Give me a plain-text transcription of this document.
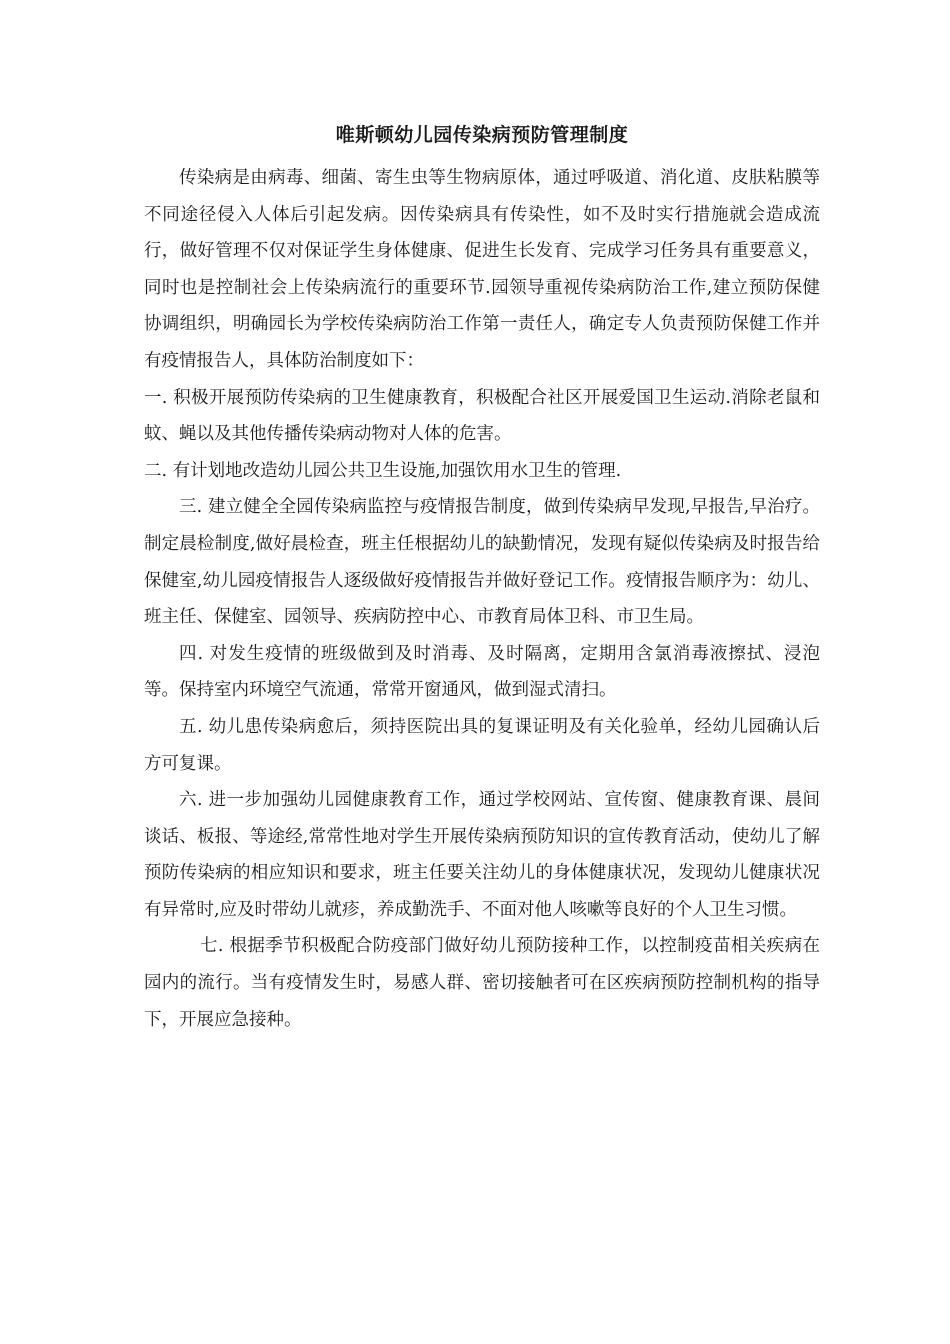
唯斯顿幼儿园传染病预防管理制度

传染病是由病毒、细菌、寄生虫等生物病原体，通过呼吸道、消化道、皮肤粘膜等不同途径侵入人体后引起发病。因传染病具有传染性，如不及时实行措施就会造成流行，做好管理不仅对保证学生身体健康、促进生长发育、完成学习任务具有重要意义，同时也是控制社会上传染病流行的重要环节.园领导重视传染病防治工作,建立预防保健协调组织，明确园长为学校传染病防治工作第一责任人，确定专人负责预防保健工作并有疫情报告人，具体防治制度如下：

一. 积极开展预防传染病的卫生健康教育，积极配合社区开展爱国卫生运动.消除老鼠和蚊、蝇以及其他传播传染病动物对人体的危害。

二. 有计划地改造幼儿园公共卫生设施,加强饮用水卫生的管理.

三. 建立健全全园传染病监控与疫情报告制度，做到传染病早发现,早报告,早治疗。制定晨检制度,做好晨检查，班主任根据幼儿的缺勤情况，发现有疑似传染病及时报告给保健室,幼儿园疫情报告人逐级做好疫情报告并做好登记工作。疫情报告顺序为：幼儿、班主任、保健室、园领导、疾病防控中心、市教育局体卫科、市卫生局。

四. 对发生疫情的班级做到及时消毒、及时隔离，定期用含氯消毒液擦拭、浸泡等。保持室内环境空气流通，常常开窗通风，做到湿式清扫。

五. 幼儿患传染病愈后，须持医院出具的复课证明及有关化验单，经幼儿园确认后方可复课。

六. 进一步加强幼儿园健康教育工作，通过学校网站、宣传窗、健康教育课、晨间谈话、板报、等途经,常常性地对学生开展传染病预防知识的宣传教育活动，使幼儿了解预防传染病的相应知识和要求，班主任要关注幼儿的身体健康状况，发现幼儿健康状况有异常时,应及时带幼儿就疹，养成勤洗手、不面对他人咳嗽等良好的个人卫生习惯。

七. 根据季节积极配合防疫部门做好幼儿预防接种工作，以控制疫苗相关疾病在园内的流行。当有疫情发生时，易感人群、密切接触者可在区疾病预防控制机构的指导下，开展应急接种。
